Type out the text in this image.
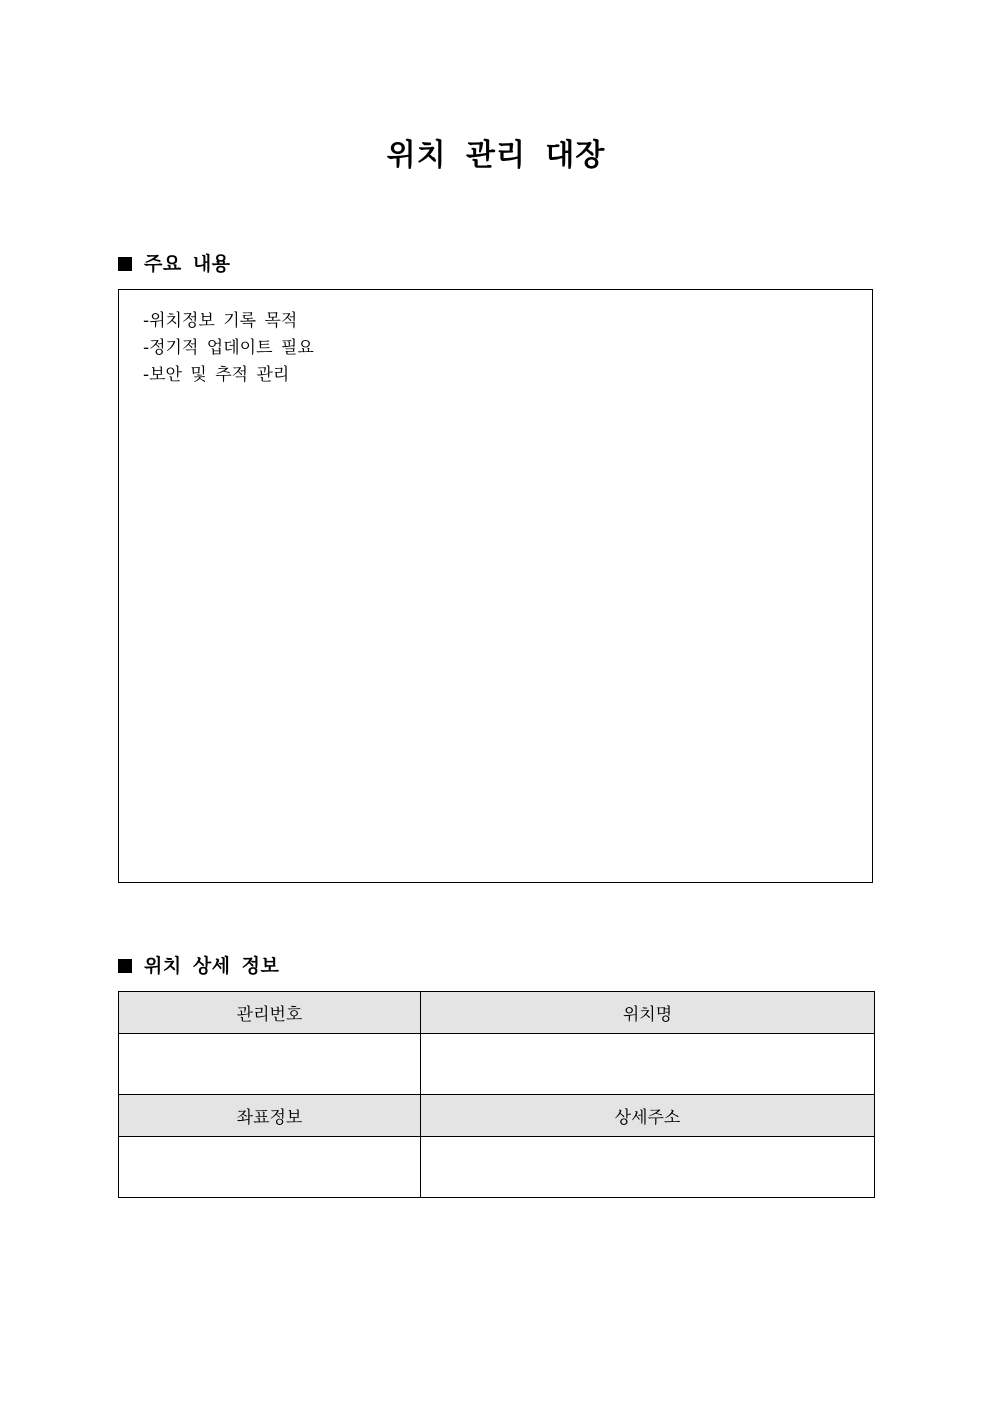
위치 관리 대장
주요 내용

-위치정보 기록 목적

-정기적 업데이트 필요

-보안 및 추적 관리

위치 상세 정보
관리번호	위치명

좌표정보	상세주소
